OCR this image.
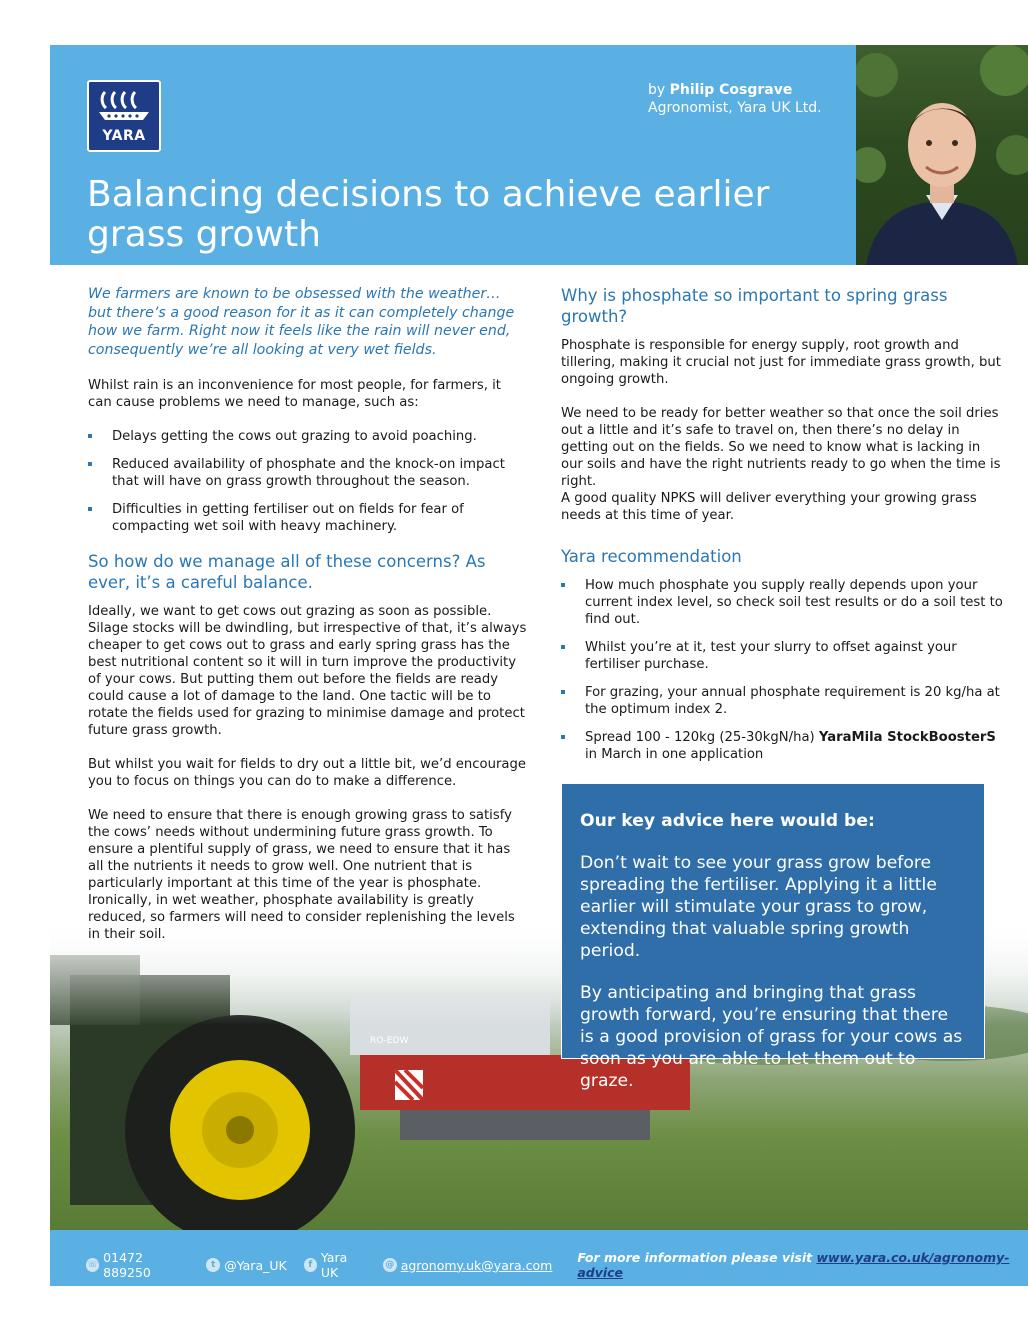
YARA
by Philip Cosgrave
Agronomist, Yara UK Ltd.
Balancing decisions to achieve earlier grass growth

We farmers are known to be obsessed with the weather… but there’s a good reason for it as it can completely change how we farm. Right now it feels like the rain will never end, consequently we’re all looking at very wet fields.

Whilst rain is an inconvenience for most people, for farmers, it can cause problems we need to manage, such as:

Delays getting the cows out grazing to avoid poaching.
Reduced availability of phosphate and the knock-on impact that will have on grass growth throughout the season.
Difficulties in getting fertiliser out on fields for fear of compacting wet soil with heavy machinery.
So how do we manage all of these concerns? As ever, it’s a careful balance.

Ideally, we want to get cows out grazing as soon as possible. Silage stocks will be dwindling, but irrespective of that, it’s always cheaper to get cows out to grass and early spring grass has the best nutritional content so it will in turn improve the productivity of your cows. But putting them out before the fields are ready could cause a lot of damage to the land. One tactic will be to rotate the fields used for grazing to minimise damage and protect future grass growth.

But whilst you wait for fields to dry out a little bit, we’d encourage you to focus on things you can do to make a difference.

We need to ensure that there is enough growing grass to satisfy the cows’ needs without undermining future grass growth. To ensure a plentiful supply of grass, we need to ensure that it has all the nutrients it needs to grow well. One nutrient that is particularly important at this time of the year is phosphate. Ironically, in wet weather, phosphate availability is greatly reduced, so farmers will need to consider replenishing the levels in their soil.

Why is phosphate so important to spring grass growth?

Phosphate is responsible for energy supply, root growth and tillering, making it crucial not just for immediate grass growth, but ongoing growth.

We need to be ready for better weather so that once the soil dries out a little and it’s safe to travel on, then there’s no delay in getting out on the fields. So we need to know what is lacking in our soils and have the right nutrients ready to go when the time is right.
A good quality NPKS will deliver everything your growing grass needs at this time of year.

Yara recommendation
How much phosphate you supply really depends upon your current index level, so check soil test results or do a soil test to find out.
Whilst you’re at it, test your slurry to offset against your fertiliser purchase.
For grazing, your annual phosphate requirement is 20 kg/ha at the optimum index 2.
Spread 100 - 120kg (25-30kgN/ha) YaraMila StockBoosterS
in March in one application

Our key advice here would be:

Don’t wait to see your grass grow before spreading the fertiliser. Applying it a little earlier will stimulate your grass to grow, extending that valuable spring growth period.

By anticipating and bringing that grass growth forward, you’re ensuring that there is a good provision of grass for your cows as soon as you are able to let them out to graze.

☏ 01472 889250	t @Yara_UK	f Yara UK	@ agronomy.uk@yara.com For more information please visit www.yara.co.uk/agronomy-advice
